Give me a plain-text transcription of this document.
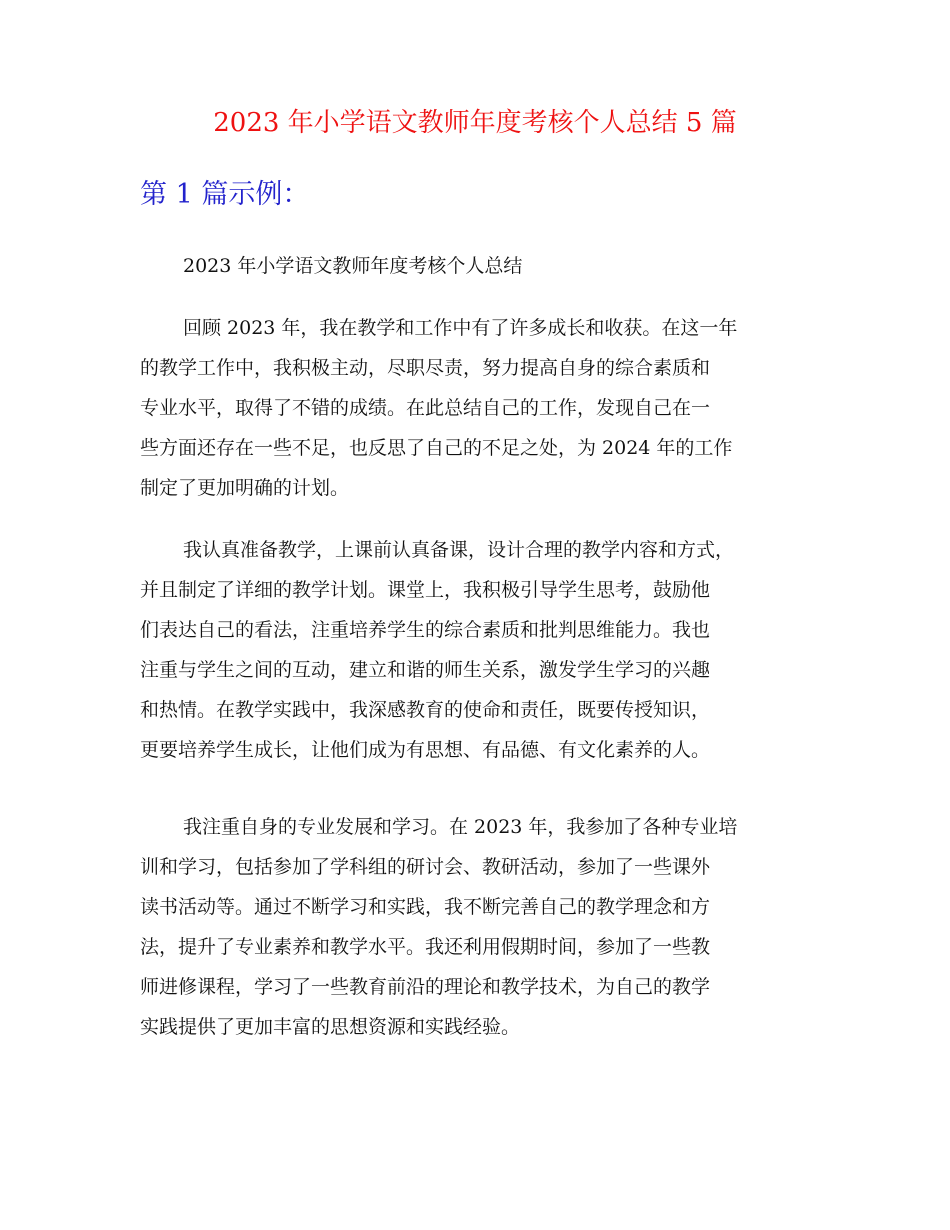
2023 年小学语文教师年度考核个人总结 5 篇
第 1 篇示例：
2023 年小学语文教师年度考核个人总结
回顾 2023 年，我在教学和工作中有了许多成长和收获。在这一年
的教学工作中，我积极主动，尽职尽责，努力提高自身的综合素质和
专业水平，取得了不错的成绩。在此总结自己的工作，发现自己在一
些方面还存在一些不足，也反思了自己的不足之处，为 2024 年的工作
制定了更加明确的计划。
我认真准备教学，上课前认真备课，设计合理的教学内容和方式，
并且制定了详细的教学计划。课堂上，我积极引导学生思考，鼓励他
们表达自己的看法，注重培养学生的综合素质和批判思维能力。我也
注重与学生之间的互动，建立和谐的师生关系，激发学生学习的兴趣
和热情。在教学实践中，我深感教育的使命和责任，既要传授知识，
更要培养学生成长，让他们成为有思想、有品德、有文化素养的人。
我注重自身的专业发展和学习。在 2023 年，我参加了各种专业培
训和学习，包括参加了学科组的研讨会、教研活动，参加了一些课外
读书活动等。通过不断学习和实践，我不断完善自己的教学理念和方
法，提升了专业素养和教学水平。我还利用假期时间，参加了一些教
师进修课程，学习了一些教育前沿的理论和教学技术，为自己的教学
实践提供了更加丰富的思想资源和实践经验。
